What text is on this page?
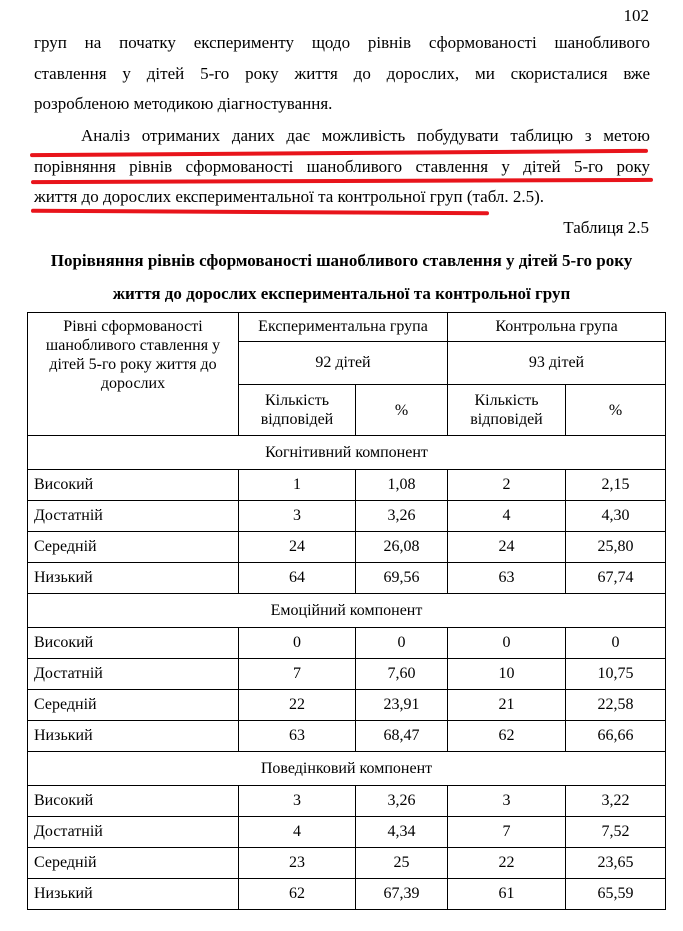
102

груп на початку експерименту щодо рівнів сформованості шанобливого
ставлення у дітей 5-го року життя до дорослих, ми скористалися вже
розробленою методикою діагностування.

Аналіз отриманих даних дає можливість побудувати таблицю з метою
порівняння рівнів сформованості шанобливого ставлення у дітей 5-го року
життя до дорослих експериментальної та контрольної груп (табл. 2.5).

Таблиця 2.5
Порівняння рівнів сформованості шанобливого ставлення у дітей 5-го року
життя до дорослих експериментальної та контрольної груп
Рівні сформованості шанобливого ставлення у дітей 5-го року життя до дорослих	Експериментальна група		Контрольна група	
	92 дітей		93 дітей	
	Кількість відповідей	%	Кількість відповідей	%
Когнітивний компонент				
Високий	1	1,08	2	2,15
Достатній	3	3,26	4	4,30
Середній	24	26,08	24	25,80
Низький	64	69,56	63	67,74
Емоційний компонент				
Високий	0	0	0	0
Достатній	7	7,60	10	10,75
Середній	22	23,91	21	22,58
Низький	63	68,47	62	66,66
Поведінковий компонент				
Високий	3	3,26	3	3,22
Достатній	4	4,34	7	7,52
Середній	23	25	22	23,65
Низький	62	67,39	61	65,59
